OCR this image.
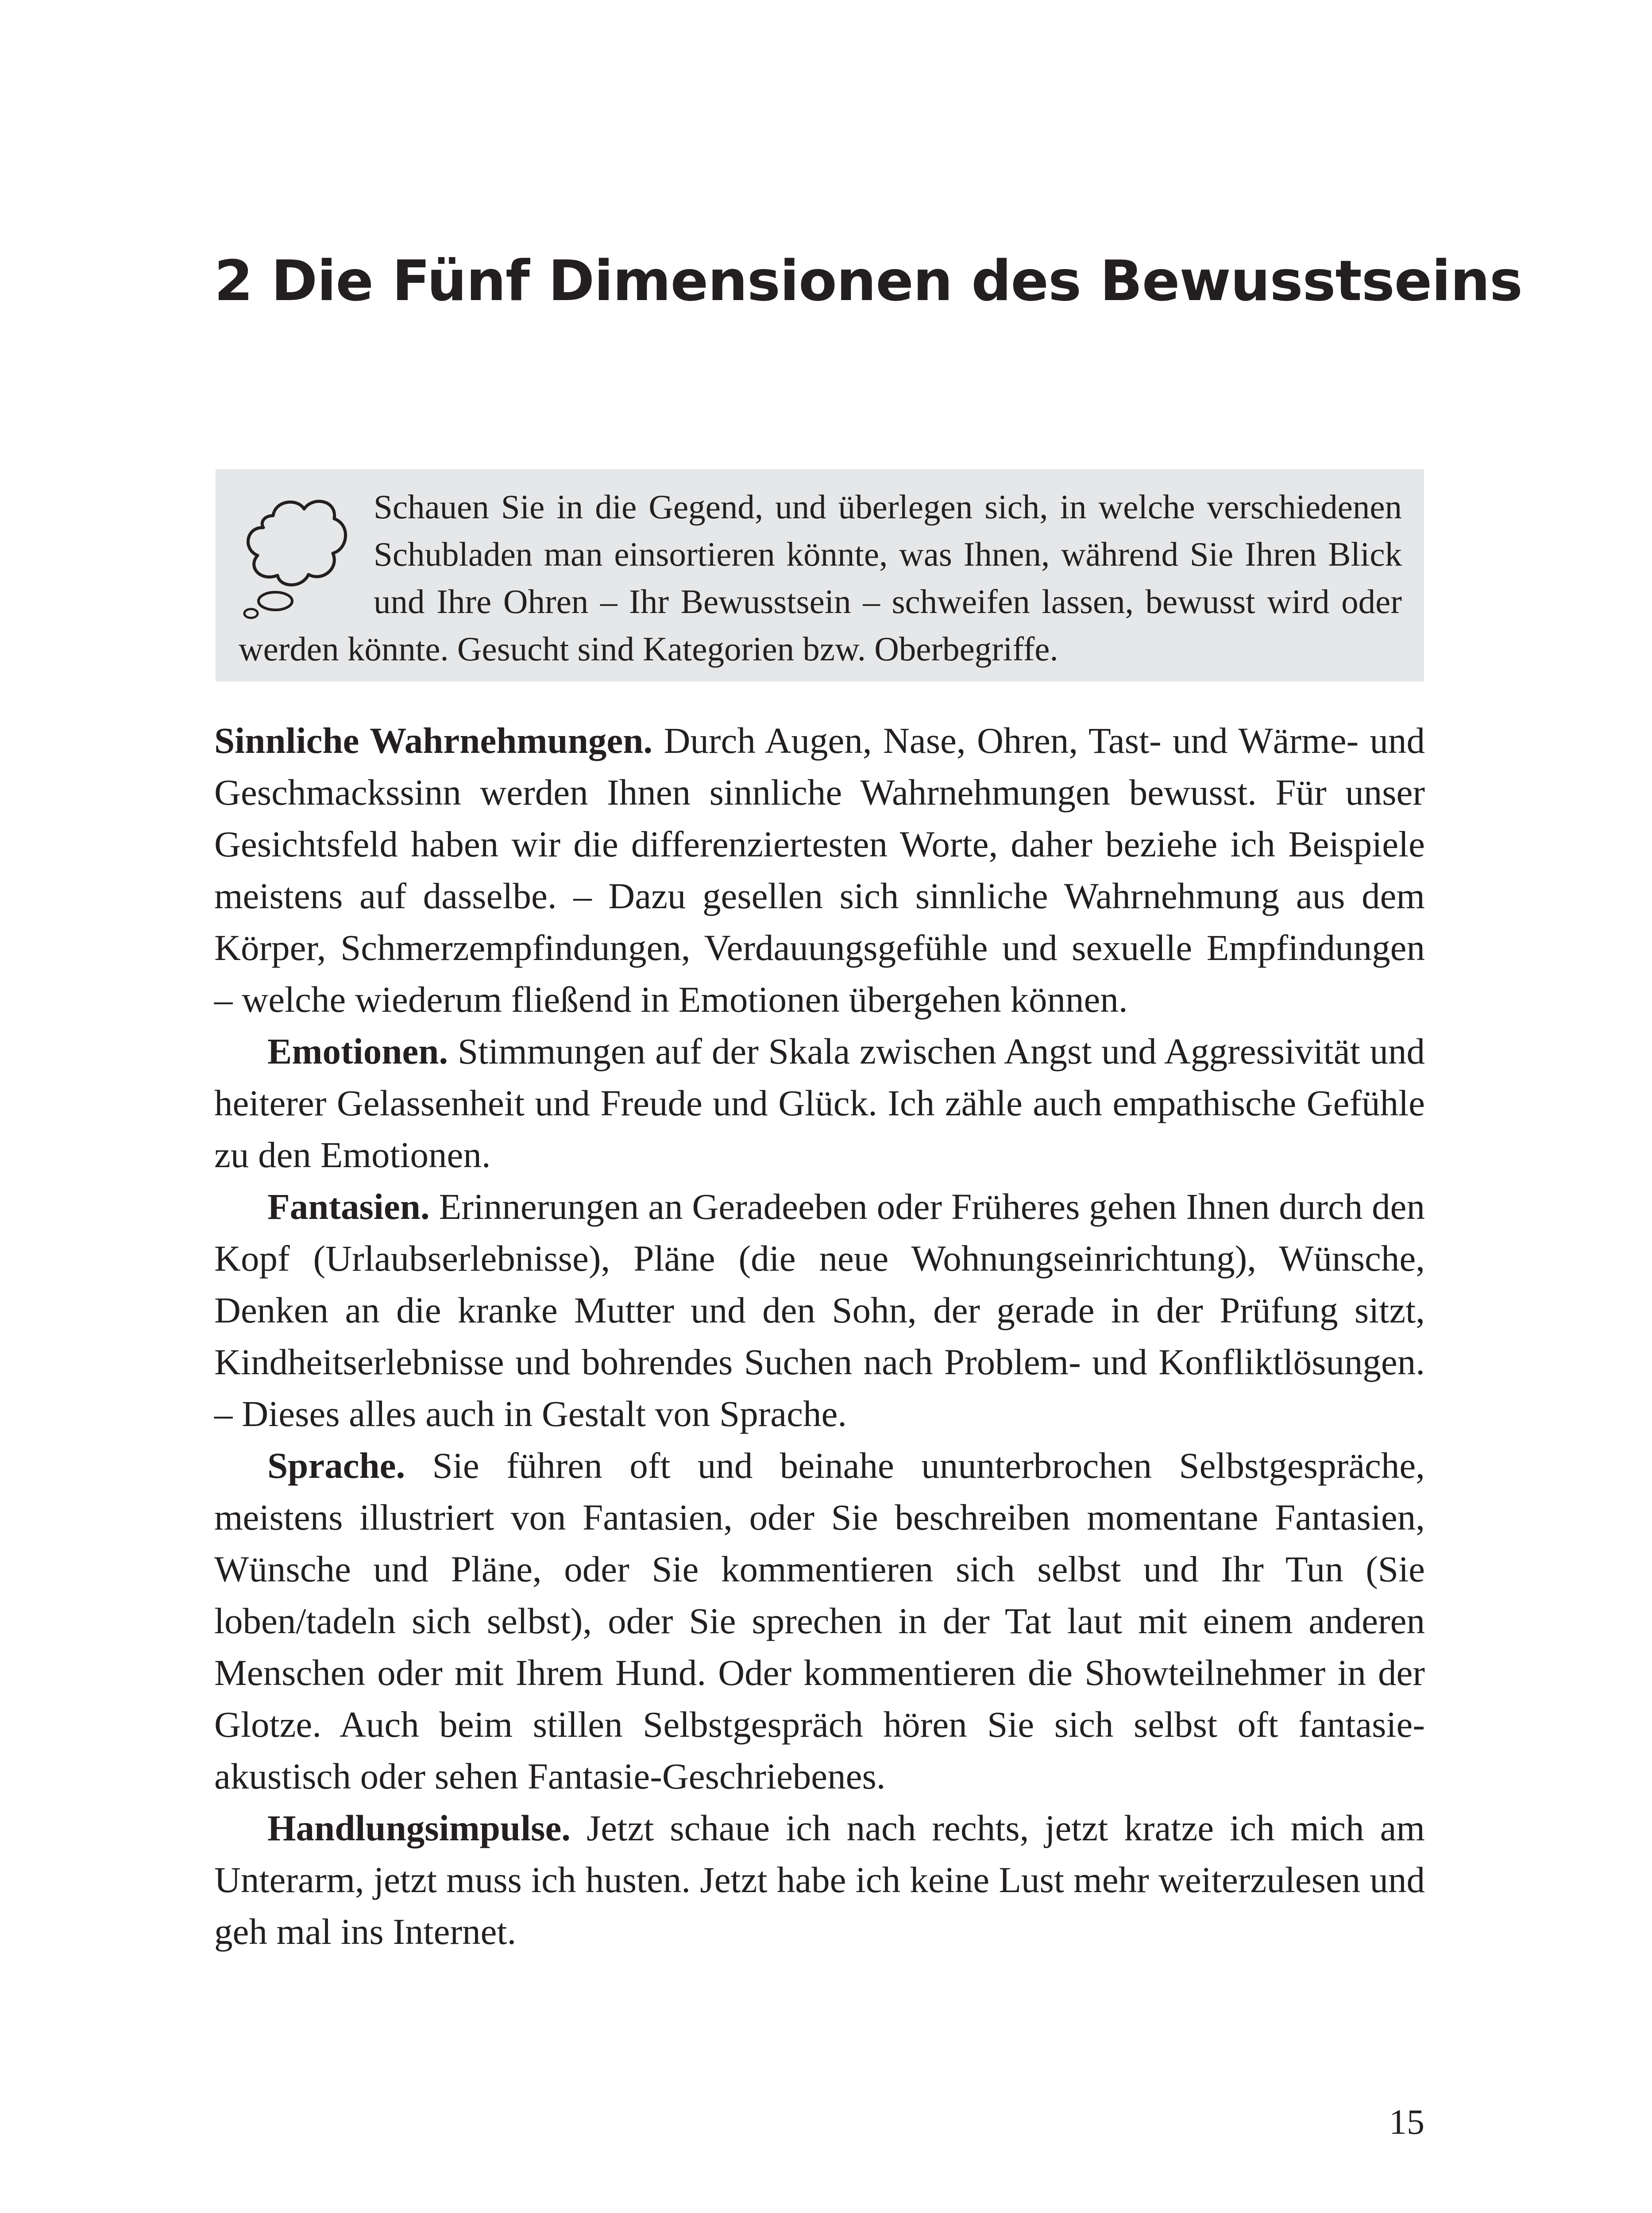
2 Die Fünf Dimensionen des Bewusstseins

Schauen Sie in die Gegend, und überlegen sich, in welche verschiedenen Schubladen man einsortieren könnte, was Ihnen, während Sie Ihren Blick und Ihre Ohren – Ihr Bewusstsein – schweifen lassen, bewusst wird oder werden könnte. Gesucht sind Kategorien bzw. Oberbegriffe.

Sinnliche Wahrnehmungen. Durch Augen, Nase, Ohren, Tast- und Wärme- und Geschmackssinn werden Ihnen sinnliche Wahrnehmungen bewusst. Für unser Gesichtsfeld haben wir die differenziertesten Worte, daher beziehe ich Beispiele meistens auf dasselbe. – Dazu gesellen sich sinnliche Wahrnehmung aus dem Körper, Schmerzempfindungen, Verdauungsgefühle und sexuelle Empfindungen – welche wiederum fließend in Emotionen übergehen können.

Emotionen. Stimmungen auf der Skala zwischen Angst und Aggressivität und heiterer Gelassenheit und Freude und Glück. Ich zähle auch empathische Gefühle zu den Emotionen.

Fantasien. Erinnerungen an Geradeeben oder Früheres gehen Ihnen durch den Kopf (Urlaubserlebnisse), Pläne (die neue Wohnungseinrichtung), Wünsche, Denken an die kranke Mutter und den Sohn, der gerade in der Prüfung sitzt, Kindheitserlebnisse und bohrendes Suchen nach Problem- und Konfliktlösungen. – Dieses alles auch in Gestalt von Sprache.

Sprache. Sie führen oft und beinahe ununterbrochen Selbstgespräche, meistens illustriert von Fantasien, oder Sie beschreiben momentane Fantasien, Wünsche und Pläne, oder Sie kommentieren sich selbst und Ihr Tun (Sie loben/tadeln sich selbst), oder Sie sprechen in der Tat laut mit einem anderen Menschen oder mit Ihrem Hund. Oder kommentieren die Showteilnehmer in der Glotze. Auch beim stillen Selbstgespräch hören Sie sich selbst oft fantasie-akustisch oder sehen Fantasie-Geschriebenes.

Handlungsimpulse. Jetzt schaue ich nach rechts, jetzt kratze ich mich am Unterarm, jetzt muss ich husten. Jetzt habe ich keine Lust mehr weiterzulesen und geh mal ins Internet.

15
